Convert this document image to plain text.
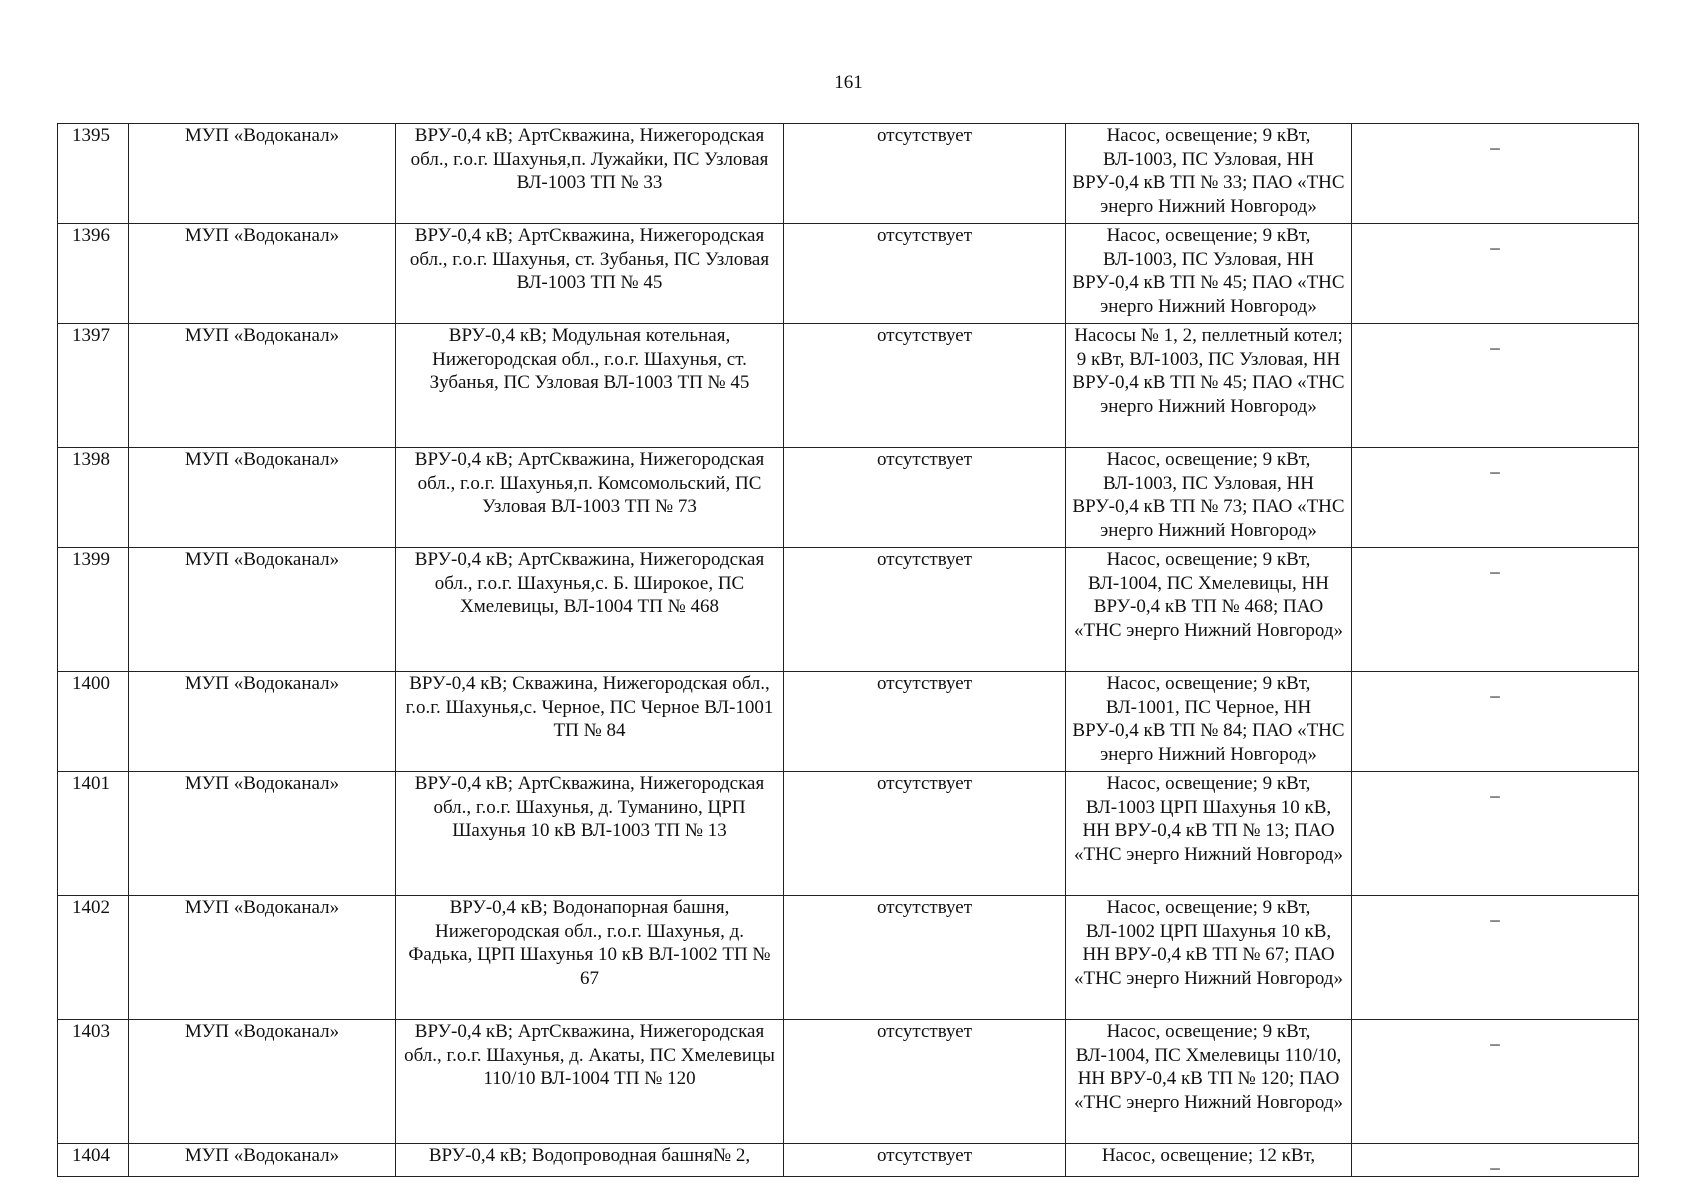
161
1395	МУП «Водоканал»	ВРУ-0,4 кВ; АртСкважина, Нижегородская обл., г.о.г. Шахунья,п. Лужайки, ПС Узловая ВЛ-1003 ТП № 33	отсутствует	Насос, освещение; 9 кВт, ВЛ-1003, ПС Узловая, НН ВРУ-0,4 кВ ТП № 33; ПАО «ТНС энерго Нижний Новгород»	_
1396	МУП «Водоканал»	ВРУ-0,4 кВ; АртСкважина, Нижегородская обл., г.о.г. Шахунья, ст. Зубанья, ПС Узловая ВЛ-1003 ТП № 45	отсутствует	Насос, освещение; 9 кВт, ВЛ-1003, ПС Узловая, НН ВРУ-0,4 кВ ТП № 45; ПАО «ТНС энерго Нижний Новгород»	_
1397	МУП «Водоканал»	ВРУ-0,4 кВ; Модульная котельная, Нижегородская обл., г.о.г. Шахунья, ст. Зубанья, ПС Узловая ВЛ-1003 ТП № 45	отсутствует	Насосы № 1, 2, пеллетный котел; 9 кВт, ВЛ-1003, ПС Узловая, НН ВРУ-0,4 кВ ТП № 45; ПАО «ТНС энерго Нижний Новгород»	_
1398	МУП «Водоканал»	ВРУ-0,4 кВ; АртСкважина, Нижегородская обл., г.о.г. Шахунья,п. Комсомольский, ПС Узловая ВЛ-1003 ТП № 73	отсутствует	Насос, освещение; 9 кВт, ВЛ-1003, ПС Узловая, НН ВРУ-0,4 кВ ТП № 73; ПАО «ТНС энерго Нижний Новгород»	_
1399	МУП «Водоканал»	ВРУ-0,4 кВ; АртСкважина, Нижегородская обл., г.о.г. Шахунья,с. Б. Широкое, ПС Хмелевицы, ВЛ-1004 ТП № 468	отсутствует	Насос, освещение; 9 кВт, ВЛ-1004, ПС Хмелевицы, НН ВРУ-0,4 кВ ТП № 468; ПАО «ТНС энерго Нижний Новгород»	_
1400	МУП «Водоканал»	ВРУ-0,4 кВ; Скважина, Нижегородская обл., г.о.г. Шахунья,с. Черное, ПС Черное ВЛ-1001 ТП № 84	отсутствует	Насос, освещение; 9 кВт, ВЛ-1001, ПС Черное, НН ВРУ-0,4 кВ ТП № 84; ПАО «ТНС энерго Нижний Новгород»	_
1401	МУП «Водоканал»	ВРУ-0,4 кВ; АртСкважина, Нижегородская обл., г.о.г. Шахунья, д. Туманино, ЦРП Шахунья 10 кВ ВЛ-1003 ТП № 13	отсутствует	Насос, освещение; 9 кВт, ВЛ-1003 ЦРП Шахунья 10 кВ, НН ВРУ-0,4 кВ ТП № 13; ПАО «ТНС энерго Нижний Новгород»	_
1402	МУП «Водоканал»	ВРУ-0,4 кВ; Водонапорная башня, Нижегородская обл., г.о.г. Шахунья, д. Фадька, ЦРП Шахунья 10 кВ ВЛ-1002 ТП № 67	отсутствует	Насос, освещение; 9 кВт, ВЛ-1002 ЦРП Шахунья 10 кВ, НН ВРУ-0,4 кВ ТП № 67; ПАО «ТНС энерго Нижний Новгород»	_
1403	МУП «Водоканал»	ВРУ-0,4 кВ; АртСкважина, Нижегородская обл., г.о.г. Шахунья, д. Акаты, ПС Хмелевицы 110/10 ВЛ-1004 ТП № 120	отсутствует	Насос, освещение; 9 кВт, ВЛ-1004, ПС Хмелевицы 110/10, НН ВРУ-0,4 кВ ТП № 120; ПАО «ТНС энерго Нижний Новгород»	_
1404	МУП «Водоканал»	ВРУ-0,4 кВ; Водопроводная башня№ 2,	отсутствует	Насос, освещение; 12 кВт,	_
